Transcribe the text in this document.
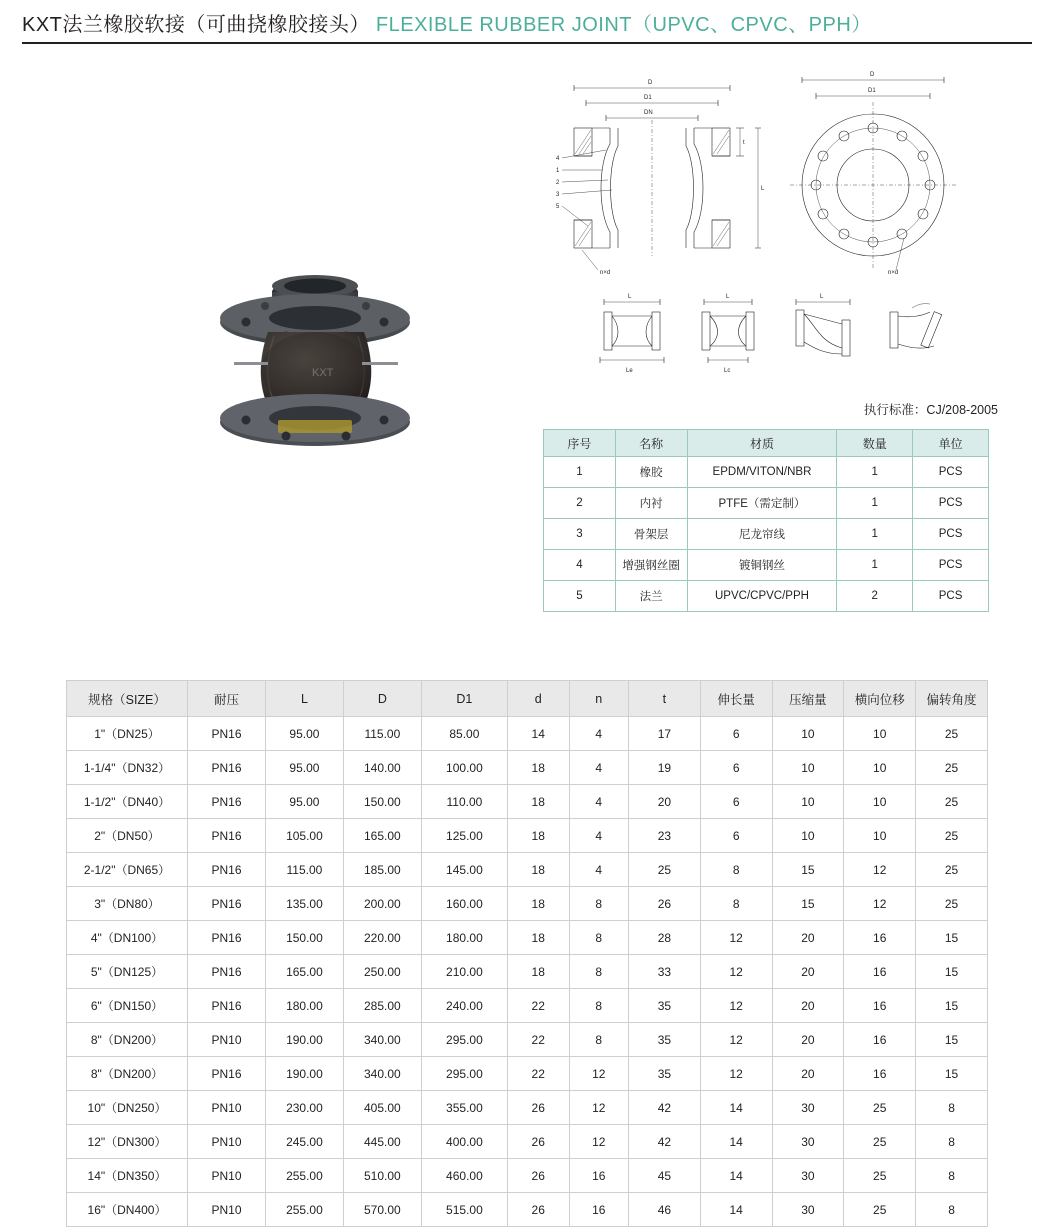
KXT法兰橡胶软接（可曲挠橡胶接头） FLEXIBLE RUBBER JOINT（UPVC、CPVC、PPH）
KXT
D
D1
DN
t
L
4
1
2
3
5
n×d
D
D1
n×d
L
Le
L
Lc
L
执行标准：CJ/208-2005
序号	名称	材质	数量	单位
1	橡胶	EPDM/VITON/NBR	1	PCS
2	内衬	PTFE（需定制）	1	PCS
3	骨架层	尼龙帘线	1	PCS
4	增强钢丝圈	镀铜钢丝	1	PCS
5	法兰	UPVC/CPVC/PPH	2	PCS
规格（SIZE）	耐压	L	D	D1	d	n	t	伸长量	压缩量	横向位移	偏转角度
1"（DN25）	PN16	95.00	115.00	85.00	14	4	17	6	10	10	25
1-1/4"（DN32）	PN16	95.00	140.00	100.00	18	4	19	6	10	10	25
1-1/2"（DN40）	PN16	95.00	150.00	110.00	18	4	20	6	10	10	25
2"（DN50）	PN16	105.00	165.00	125.00	18	4	23	6	10	10	25
2-1/2"（DN65）	PN16	115.00	185.00	145.00	18	4	25	8	15	12	25
3"（DN80）	PN16	135.00	200.00	160.00	18	8	26	8	15	12	25
4"（DN100）	PN16	150.00	220.00	180.00	18	8	28	12	20	16	15
5"（DN125）	PN16	165.00	250.00	210.00	18	8	33	12	20	16	15
6"（DN150）	PN16	180.00	285.00	240.00	22	8	35	12	20	16	15
8"（DN200）	PN10	190.00	340.00	295.00	22	8	35	12	20	16	15
8"（DN200）	PN16	190.00	340.00	295.00	22	12	35	12	20	16	15
10"（DN250）	PN10	230.00	405.00	355.00	26	12	42	14	30	25	8
12"（DN300）	PN10	245.00	445.00	400.00	26	12	42	14	30	25	8
14"（DN350）	PN10	255.00	510.00	460.00	26	16	45	14	30	25	8
16"（DN400）	PN10	255.00	570.00	515.00	26	16	46	14	30	25	8
